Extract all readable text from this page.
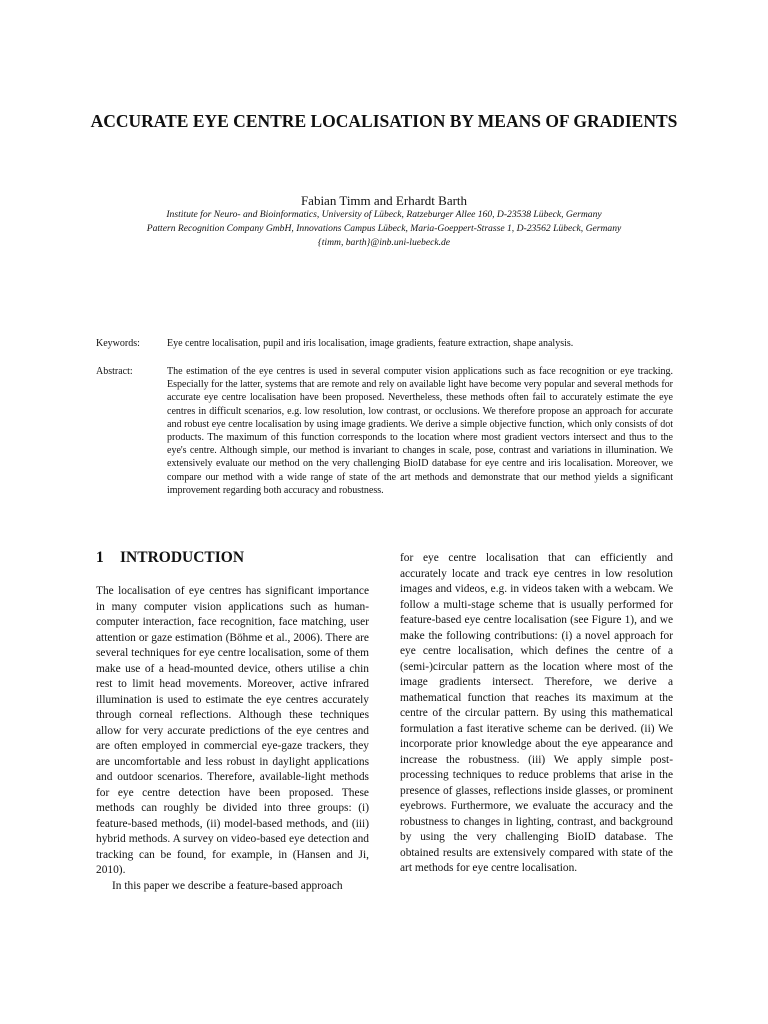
ACCURATE EYE CENTRE LOCALISATION BY MEANS OF GRADIENTS

Fabian Timm and Erhardt Barth

Institute for Neuro- and Bioinformatics, University of Lübeck, Ratzeburger Allee 160, D-23538 Lübeck, Germany

Pattern Recognition Company GmbH, Innovations Campus Lübeck, Maria-Goeppert-Strasse 1, D-23562 Lübeck, Germany

{timm, barth}@inb.uni-luebeck.de

Keywords:	Eye centre localisation, pupil and iris localisation, image gradients, feature extraction, shape analysis.

Abstract:	The estimation of the eye centres is used in several computer vision applications such as face recognition or eye tracking. Especially for the latter, systems that are remote and rely on available light have become very popular and several methods for accurate eye centre localisation have been proposed. Nevertheless, these methods often fail to accurately estimate the eye centres in difficult scenarios, e.g. low resolution, low contrast, or occlusions. We therefore propose an approach for accurate and robust eye centre localisation by using image gradients. We derive a simple objective function, which only consists of dot products. The maximum of this function corresponds to the location where most gradient vectors intersect and thus to the eye's centre. Although simple, our method is invariant to changes in scale, pose, contrast and variations in illumination. We extensively evaluate our method on the very challenging BioID database for eye centre and iris localisation. Moreover, we compare our method with a wide range of state of the art methods and demonstrate that our method yields a significant improvement regarding both accuracy and robustness.

1 INTRODUCTION

The localisation of eye centres has significant importance in many computer vision applications such as human-computer interaction, face recognition, face matching, user attention or gaze estimation (Böhme et al., 2006). There are several techniques for eye centre localisation, some of them make use of a head-mounted device, others utilise a chin rest to limit head movements. Moreover, active infrared illumination is used to estimate the eye centres accurately through corneal reflections. Although these techniques allow for very accurate predictions of the eye centres and are often employed in commercial eye-gaze trackers, they are uncomfortable and less robust in daylight applications and outdoor scenarios. Therefore, available-light methods for eye centre detection have been proposed. These methods can roughly be divided into three groups: (i) feature-based methods, (ii) model-based methods, and (iii) hybrid methods. A survey on video-based eye detection and tracking can be found, for example, in (Hansen and Ji, 2010).

In this paper we describe a feature-based approach

for eye centre localisation that can efficiently and accurately locate and track eye centres in low resolution images and videos, e.g. in videos taken with a webcam. We follow a multi-stage scheme that is usually performed for feature-based eye centre localisation (see Figure 1), and we make the following contributions: (i) a novel approach for eye centre localisation, which defines the centre of a (semi-)circular pattern as the location where most of the image gradients intersect. Therefore, we derive a mathematical function that reaches its maximum at the centre of the circular pattern. By using this mathematical formulation a fast iterative scheme can be derived. (ii) We incorporate prior knowledge about the eye appearance and increase the robustness. (iii) We apply simple post-processing techniques to reduce problems that arise in the presence of glasses, reflections inside glasses, or prominent eyebrows. Furthermore, we evaluate the accuracy and the robustness to changes in lighting, contrast, and background by using the very challenging BioID database. The obtained results are extensively compared with state of the art methods for eye centre localisation.
